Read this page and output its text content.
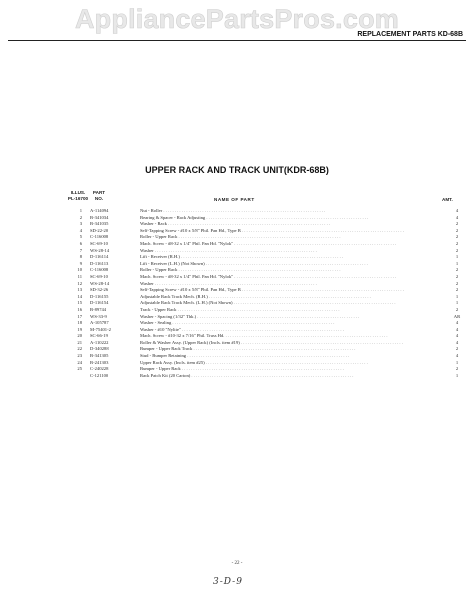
AppliancePartsPros.com
REPLACEMENT PARTS KD-68B
UPPER RACK AND TRACK UNIT(KDR-68B)
ILLUS.
PL-16700
PART
NO.	NAME OF PART	AMT.
1 A-114094	Nut - Roller . . .	4
2 B-341034	Bearing & Spacer - Rack Adjusting . . .	4
3 B-341035	Washer - Rack . . .	2
4 SD-22-20	Self-Tapping Screw - #10 x 5/8" Phil. Pan Hd., Type B . . .	2
5 C-116008	Roller - Upper Rack . . .	2
6 SC-69-10	Mach. Screw - #8-32 x 1/4" Phil. Pan Hd. "Nylok" . . .	2
7 WS-28-14	Washer . . .	2
8 D-116114	Lift - Receiver (R.H.) . . .	1
9 D-116113	Lift - Receiver (L.H.) (Not Shown) . . .	1
10 C-116008	Roller - Upper Rack . . .	2
11 SC-69-10	Mach. Screw - #8-32 x 1/4" Phil. Pan Hd. "Nylok" . . .	2
12 WS-28-14	Washer . . .	2
13 SD-32-26	Self-Tapping Screw - #10 x 5/8" Phil. Pan Hd., Type B . . .	2
14 D-116155	Adjustable Rack Track Mech. (R.H.) . . .	1
15 D-116154	Adjustable Rack Track Mech. (L.H.) (Not Shown) . . .	1
16 B-89744	Track - Upper Rack . . .	2
17 WS-33-9	Washer - Spacing (1/32" Thk.) . . .	AR
18 A-105787	Washer - Sealing . . .	4
19 M-75401-2	Washer - #10 "Nylite" . . .	4
20 SC-66-19	Mach. Screw - #10-32 x 7/16" Phil. Truss Hd. . . .	4
21 A-110222	Roller & Washer Assy. (Upper Rack) (Incls. item #19) . . .	4
22 D-340288	Bumper - Upper Rack Track . . .	2
23 B-341305	Stud - Bumper Retaining . . .	4
24 B-241303	Upper Rack Assy. (Incls. item #25) . . .	1
25 C-240228	Bumper - Upper Rack . . .	2
C-121100	Rack Patch Kit (20 Carton) . . .	1
- 22 -
3-D-9
